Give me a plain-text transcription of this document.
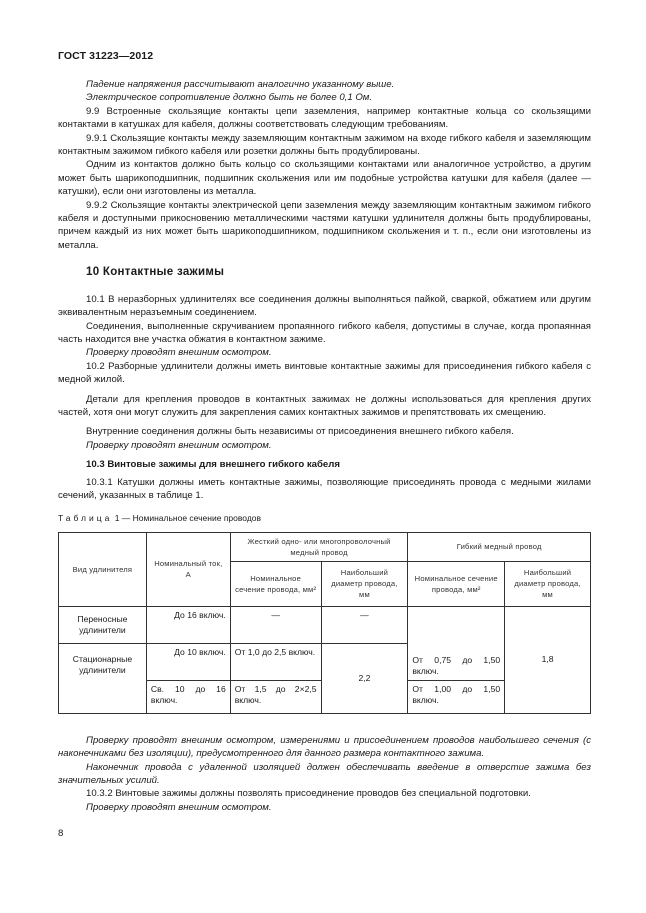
ГОСТ 31223—2012

Падение напряжения рассчитывают аналогично указанному выше.

Электрическое сопротивление должно быть не более 0,1 Ом.

9.9 Встроенные скользящие контакты цепи заземления, например контактные кольца со скользящими контактами в катушках для кабеля, должны соответствовать следующим требованиям.

9.9.1 Скользящие контакты между заземляющим контактным зажимом на входе гибкого кабеля и заземляющим контактным зажимом гибкого кабеля или розетки должны быть продублированы.

Одним из контактов должно быть кольцо со скользящими контактами или аналогичное устройство, а другим может быть шарикоподшипник, подшипник скольжения или им подобные устройства катушки для кабеля (далее — катушки), если они изготовлены из металла.

9.9.2 Скользящие контакты электрической цепи заземления между заземляющим контактным зажимом гибкого кабеля и доступными прикосновению металлическими частями катушки удлинителя должны быть продублированы, причем каждый из них может быть шарикоподшипником, подшипником скольжения и т. п., если они изготовлены из металла.

10 Контактные зажимы

10.1 В неразборных удлинителях все соединения должны выполняться пайкой, сваркой, обжатием или другим эквивалентным неразъемным соединением.

Соединения, выполненные скручиванием пропаянного гибкого кабеля, допустимы в случае, когда пропаянная часть находится вне участка обжатия в контактном зажиме.

Проверку проводят внешним осмотром.

10.2 Разборные удлинители должны иметь винтовые контактные зажимы для присоединения гибкого кабеля с медной жилой.

Детали для крепления проводов в контактных зажимах не должны использоваться для крепления других частей, хотя они могут служить для закрепления самих контактных зажимов и препятствовать их смещению.

Внутренние соединения должны быть независимы от присоединения внешнего гибкого кабеля.

Проверку проводят внешним осмотром.

10.3 Винтовые зажимы для внешнего гибкого кабеля

10.3.1 Катушки должны иметь контактные зажимы, позволяющие присоединять провода с медными жилами сечений, указанных в таблице 1.

Таблица 1 — Номинальное сечение проводов

Вид удлинителя	Номинальный ток, А	Жесткий одно- или многопроволочный медный провод		Гибкий медный провод	
		Номинальное сечение провода, мм²	Наибольший диаметр провода, мм	Номинальное сечение провода, мм²	Наибольший диаметр провода, мм
Переносные удлинители	До 16 включ.	—	—	От 0,75 до 1,50 включ.	1,8
Стационарные удлинители	До 10 включ.	От 1,0 до 2,5 включ.	2,2		
	Св. 10 до 16 включ.	От 1,5 до 2×2,5 включ.		От 1,00 до 1,50 включ.	

Проверку проводят внешним осмотром, измерениями и присоединением проводов наибольшего сечения (с наконечниками без изоляции), предусмотренного для данного размера контактного зажима.

Наконечник провода с удаленной изоляцией должен обеспечивать введение в отверстие зажима без значительных усилий.

10.3.2 Винтовые зажимы должны позволять присоединение проводов без специальной подготовки.

Проверку проводят внешним осмотром.

8
